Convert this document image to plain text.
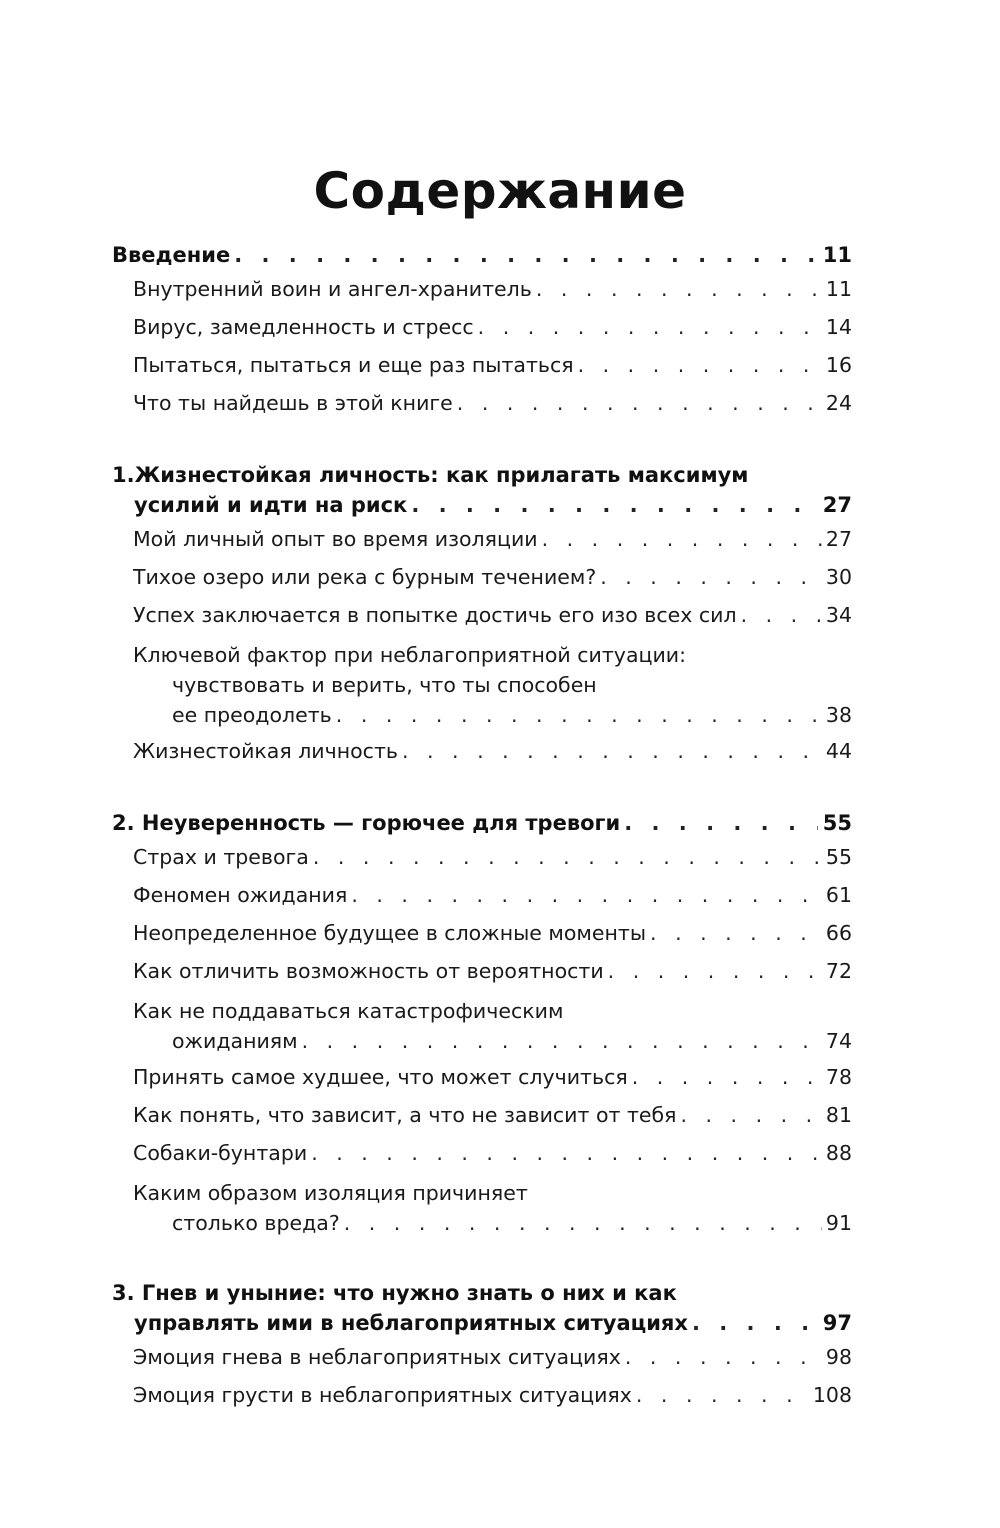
Содержание
Введение . . .	11
Внутренний воин и ангел-хранитель . . .	11
Вирус, замедленность и стресс . . .	14
Пытаться, пытаться и еще раз пытаться . . .	16
Что ты найдешь в этой книге . . .	24
1.Жизнестойкая личность: как прилагать максимум
усилий и идти на риск . . .	27
Мой личный опыт во время изоляции . . .	27
Тихое озеро или река с бурным течением? . . .	30
Успех заключается в попытке достичь его изо всех сил . . .	34
Ключевой фактор при неблагоприятной ситуации:
чувствовать и верить, что ты способен
ее преодолеть . . .	38
Жизнестойкая личность . . .	44
2. Неуверенность — горючее для тревоги . . .	55
Страх и тревога . . .	55
Феномен ожидания . . .	61
Неопределенное будущее в сложные моменты . . .	66
Как отличить возможность от вероятности . . .	72
Как не поддаваться катастрофическим
ожиданиям . . .	74
Принять самое худшее, что может случиться . . .	78
Как понять, что зависит, а что не зависит от тебя . . .	81
Собаки-бунтари . . .	88
Каким образом изоляция причиняет
столько вреда? . . .	91
3. Гнев и уныние: что нужно знать о них и как
управлять ими в неблагоприятных ситуациях . . .	97
Эмоция гнева в неблагоприятных ситуациях . . .	98
Эмоция грусти в неблагоприятных ситуациях . . .	108
